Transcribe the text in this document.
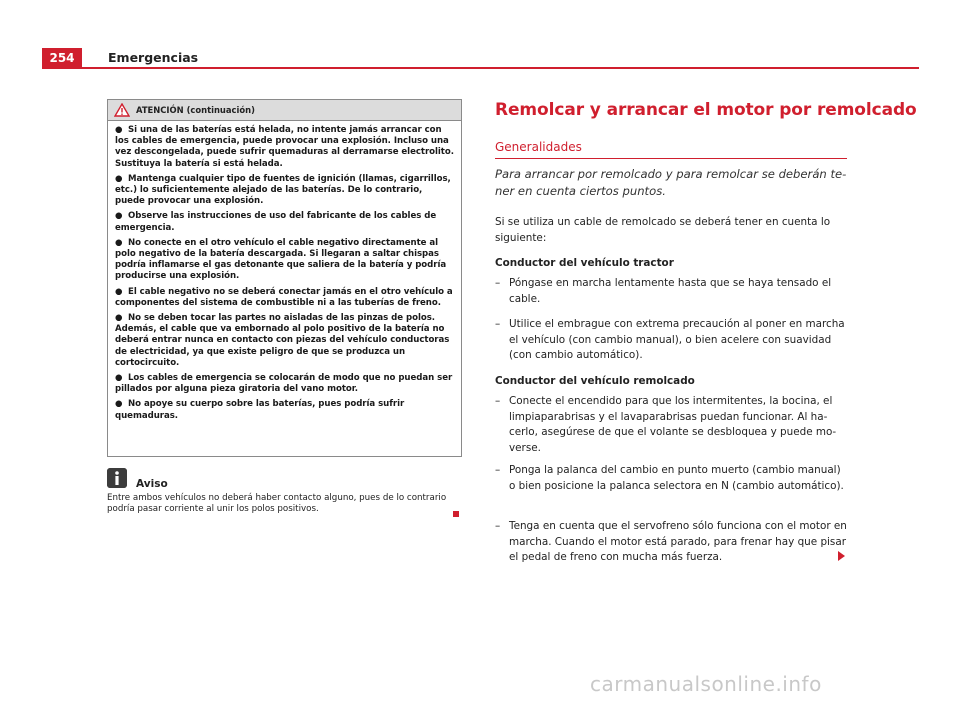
254	Emergencias
ATENCIÓN (continuación)
● Si una de las baterías está helada, no intente jamás arrancar con los cables de emergencia, puede provocar una explosión. Incluso una vez descongelada, puede sufrir quemaduras al derramarse electrolito. Sustituya la batería si está helada.
● Mantenga cualquier tipo de fuentes de ignición (llamas, cigarrillos, etc.) lo suficientemente alejado de las baterías. De lo contrario, puede provocar una explosión.
● Observe las instrucciones de uso del fabricante de los cables de emergencia.
● No conecte en el otro vehículo el cable negativo directamente al polo negativo de la batería descargada. Si llegaran a saltar chispas podría inflamarse el gas detonante que saliera de la batería y podría producirse una explosión.
● El cable negativo no se deberá conectar jamás en el otro vehículo a componentes del sistema de combustible ni a las tuberías de freno.
● No se deben tocar las partes no aisladas de las pinzas de polos. Además, el cable que va embornado al polo positivo de la batería no deberá entrar nunca en contacto con piezas del vehículo conductoras de electricidad, ya que existe peligro de que se produzca un cortocircuito.
● Los cables de emergencia se colocarán de modo que no puedan ser pillados por alguna pieza giratoria del vano motor.
● No apoye su cuerpo sobre las baterías, pues podría sufrir quemaduras.
Aviso
Entre ambos vehículos no deberá haber contacto alguno, pues de lo contrario podría pasar corriente al unir los polos positivos.
Remolcar y arrancar el motor por remolcado
Generalidades
Para arrancar por remolcado y para remolcar se deberán tener en cuenta ciertos puntos.
Si se utiliza un cable de remolcado se deberá tener en cuenta lo siguiente:
Conductor del vehículo tractor
– Póngase en marcha lentamente hasta que se haya tensado el cable.
– Utilice el embrague con extrema precaución al poner en marcha el vehículo (con cambio manual), o bien acelere con suavidad (con cambio automático).
Conductor del vehículo remolcado
– Conecte el encendido para que los intermitentes, la bocina, el limpiaparabrisas y el lavaparabrisas puedan funcionar. Al hacerlo, asegúrese de que el volante se desbloquea y puede moverse.
– Ponga la palanca del cambio en punto muerto (cambio manual) o bien posicione la palanca selectora en N (cambio automático).
– Tenga en cuenta que el servofreno sólo funciona con el motor en marcha. Cuando el motor está parado, para frenar hay que pisar el pedal de freno con mucha más fuerza.
carmanualsonline.info
